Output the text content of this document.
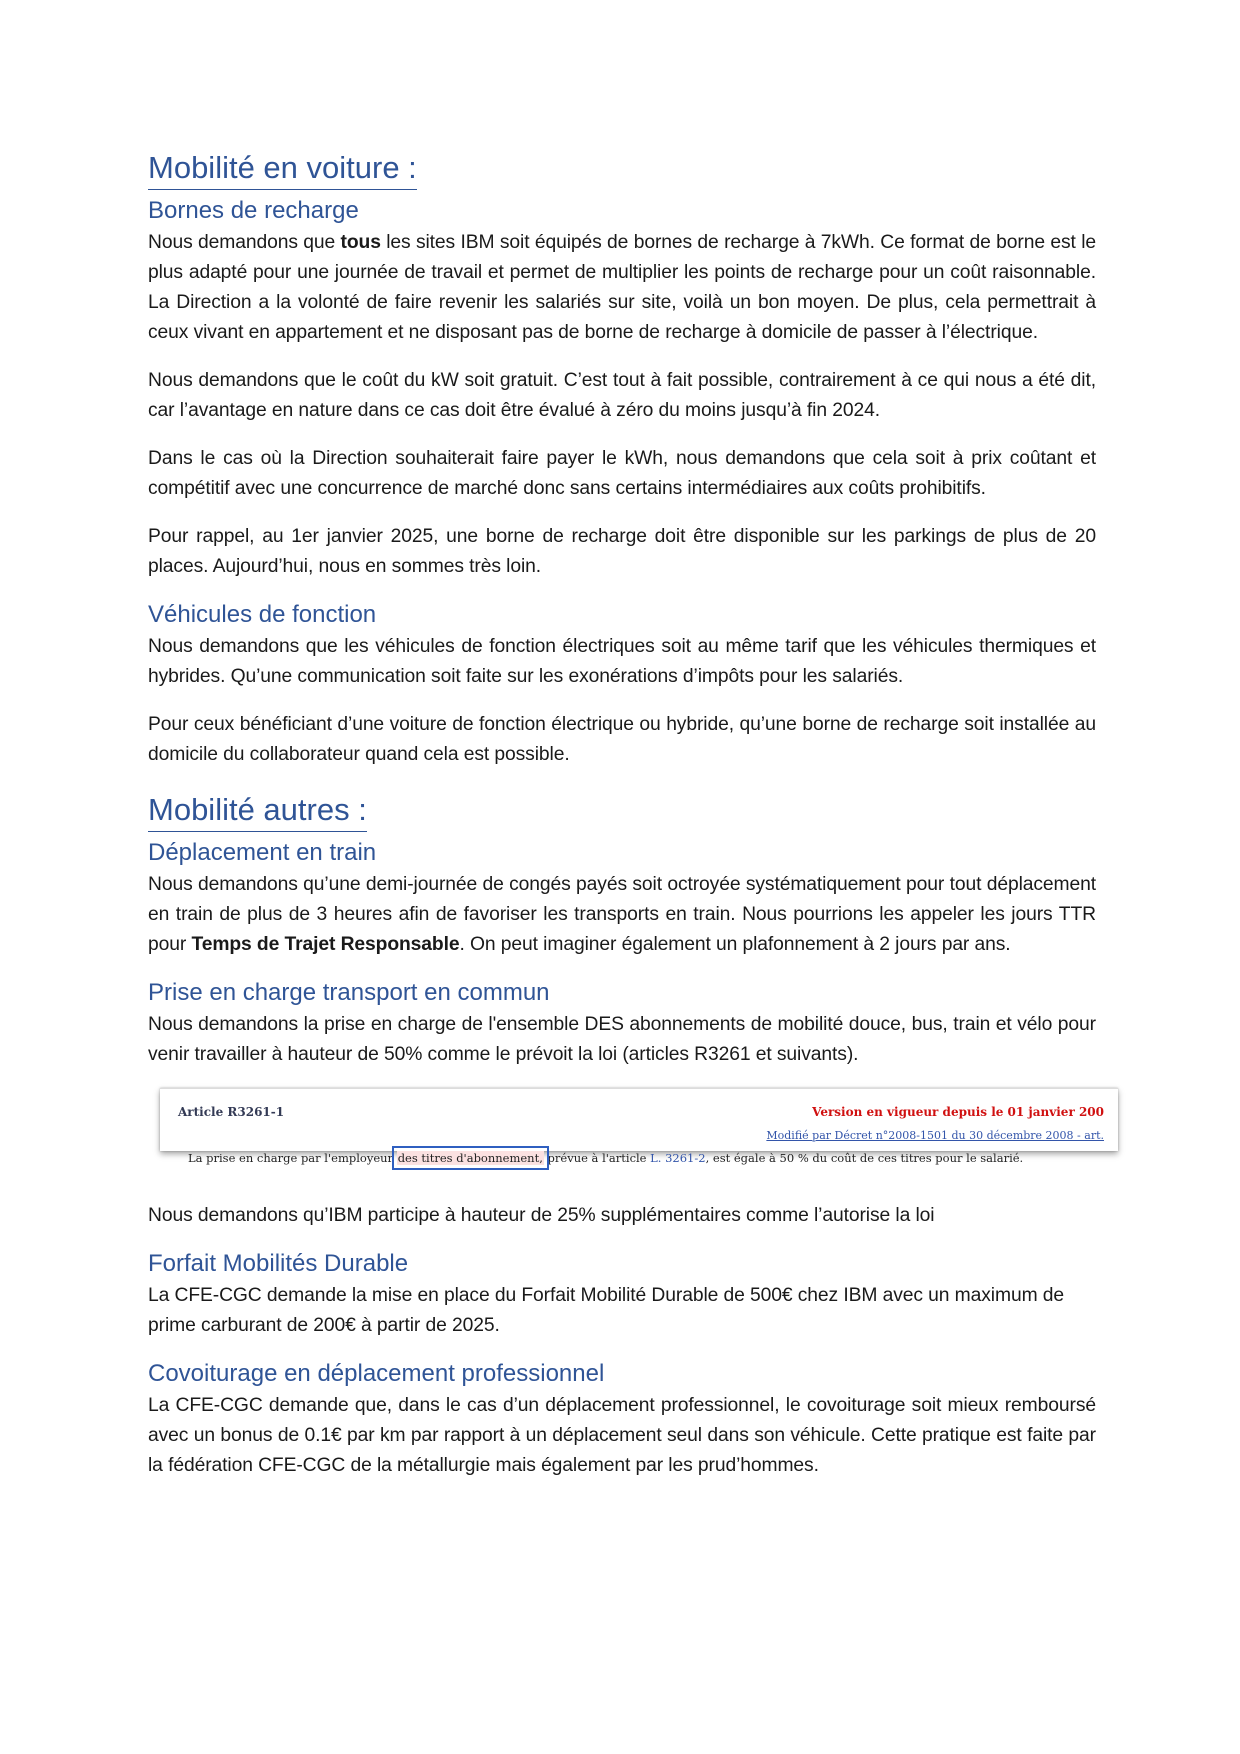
Mobilité en voiture :
Bornes de recharge

Nous demandons que tous les sites IBM soit équipés de bornes de recharge à 7kWh. Ce format de borne est le plus adapté pour une journée de travail et permet de multiplier les points de recharge pour un coût raisonnable. La Direction a la volonté de faire revenir les salariés sur site, voilà un bon moyen. De plus, cela permettrait à ceux vivant en appartement et ne disposant pas de borne de recharge à domicile de passer à l’électrique.

Nous demandons que le coût du kW soit gratuit. C’est tout à fait possible, contrairement à ce qui nous a été dit, car l’avantage en nature dans ce cas doit être évalué à zéro du moins jusqu’à fin 2024.

Dans le cas où la Direction souhaiterait faire payer le kWh, nous demandons que cela soit à prix coûtant et compétitif avec une concurrence de marché donc sans certains intermédiaires aux coûts prohibitifs.

Pour rappel, au 1er janvier 2025, une borne de recharge doit être disponible sur les parkings de plus de 20 places. Aujourd’hui, nous en sommes très loin.

Véhicules de fonction

Nous demandons que les véhicules de fonction électriques soit au même tarif que les véhicules thermiques et hybrides. Qu’une communication soit faite sur les exonérations d’impôts pour les salariés.

Pour ceux bénéficiant d’une voiture de fonction électrique ou hybride, qu’une borne de recharge soit installée au domicile du collaborateur quand cela est possible.

Mobilité autres :
Déplacement en train

Nous demandons qu’une demi-journée de congés payés soit octroyée systématiquement pour tout déplacement en train de plus de 3 heures afin de favoriser les transports en train. Nous pourrions les appeler les jours TTR pour Temps de Trajet Responsable. On peut imaginer également un plafonnement à 2 jours par ans.

Prise en charge transport en commun

Nous demandons la prise en charge de l'ensemble DES abonnements de mobilité douce, bus, train et vélo pour venir travailler à hauteur de 50% comme le prévoit la loi (articles R3261 et suivants).

Article R3261-1	Version en vigueur depuis le 01 janvier 200
Modifié par Décret n°2008-1501 du 30 décembre 2008 - art.
La prise en charge par l'employeur des titres d'abonnement, prévue à l'article L. 3261-2, est égale à 50 % du coût de ces titres pour le salarié.

Nous demandons qu’IBM participe à hauteur de 25% supplémentaires comme l’autorise la loi

Forfait Mobilités Durable

La CFE-CGC demande la mise en place du Forfait Mobilité Durable de 500€ chez IBM avec un maximum de prime carburant de 200€ à partir de 2025.

Covoiturage en déplacement professionnel

La CFE-CGC demande que, dans le cas d’un déplacement professionnel, le covoiturage soit mieux remboursé avec un bonus de 0.1€ par km par rapport à un déplacement seul dans son véhicule. Cette pratique est faite par la fédération CFE-CGC de la métallurgie mais également par les prud’hommes.
